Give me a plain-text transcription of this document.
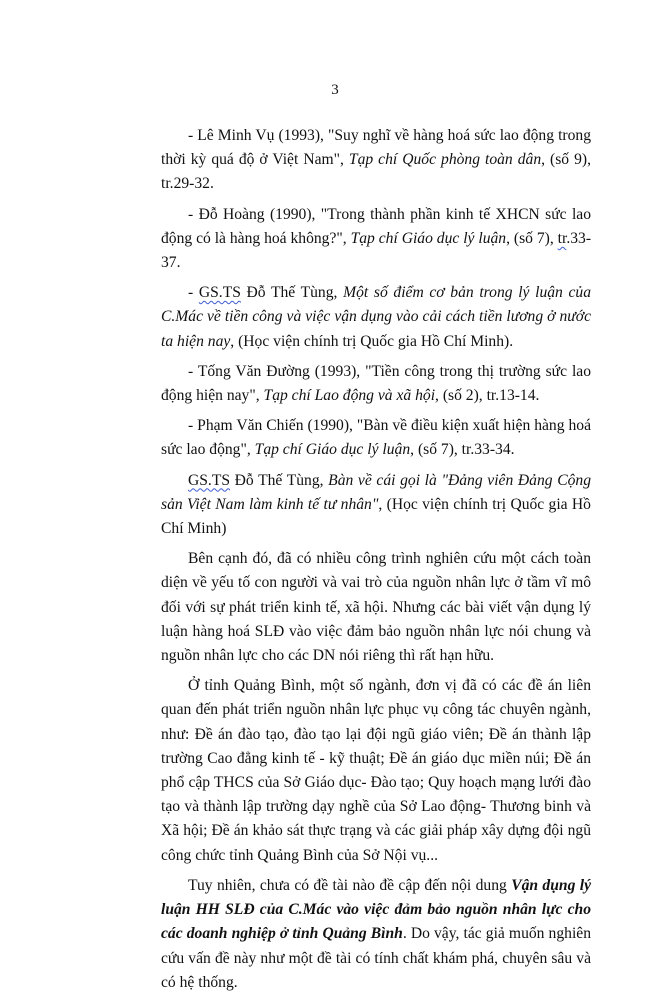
3

- Lê Minh Vụ (1993), "Suy nghĩ về hàng hoá sức lao động trong thời kỳ quá độ ở Việt Nam", Tạp chí Quốc phòng toàn dân, (số 9), tr.29-32.

- Đỗ Hoàng (1990), "Trong thành phần kinh tế XHCN sức lao động có là hàng hoá không?", Tạp chí Giáo dục lý luận, (số 7), tr.33-37.

- GS.TS Đỗ Thế Tùng, Một số điểm cơ bản trong lý luận của C.Mác về tiền công và việc vận dụng vào cải cách tiền lương ở nước ta hiện nay, (Học viện chính trị Quốc gia Hồ Chí Minh).

- Tống Văn Đường (1993), "Tiền công trong thị trường sức lao động hiện nay", Tạp chí Lao động và xã hội, (số 2), tr.13-14.

- Phạm Văn Chiến (1990), "Bàn về điều kiện xuất hiện hàng hoá sức lao động", Tạp chí Giáo dục lý luận, (số 7), tr.33-34.

GS.TS Đỗ Thế Tùng, Bàn về cái gọi là "Đảng viên Đảng Cộng sản Việt Nam làm kinh tế tư nhân", (Học viện chính trị Quốc gia Hồ Chí Minh)

Bên cạnh đó, đã có nhiều công trình nghiên cứu một cách toàn diện về yếu tố con người và vai trò của nguồn nhân lực ở tầm vĩ mô đối với sự phát triển kinh tế, xã hội. Nhưng các bài viết vận dụng lý luận hàng hoá SLĐ vào việc đảm bảo nguồn nhân lực nói chung và nguồn nhân lực cho các DN nói riêng thì rất hạn hữu.

Ở tỉnh Quảng Bình, một số ngành, đơn vị đã có các đề án liên quan đến phát triển nguồn nhân lực phục vụ công tác chuyên ngành, như: Đề án đào tạo, đào tạo lại đội ngũ giáo viên; Đề án thành lập trường Cao đẳng kinh tế - kỹ thuật; Đề án giáo dục miền núi; Đề án phổ cập THCS của Sở Giáo dục- Đào tạo; Quy hoạch mạng lưới đào tạo và thành lập trường dạy nghề của Sở Lao động- Thương binh và Xã hội; Đề án khảo sát thực trạng và các giải pháp xây dựng đội ngũ công chức tỉnh Quảng Bình của Sở Nội vụ...

Tuy nhiên, chưa có đề tài nào đề cập đến nội dung Vận dụng lý luận HH SLĐ của C.Mác vào việc đảm bảo nguồn nhân lực cho các doanh nghiệp ở tỉnh Quảng Bình. Do vậy, tác giả muốn nghiên cứu vấn đề này như một đề tài có tính chất khám phá, chuyên sâu và có hệ thống.
